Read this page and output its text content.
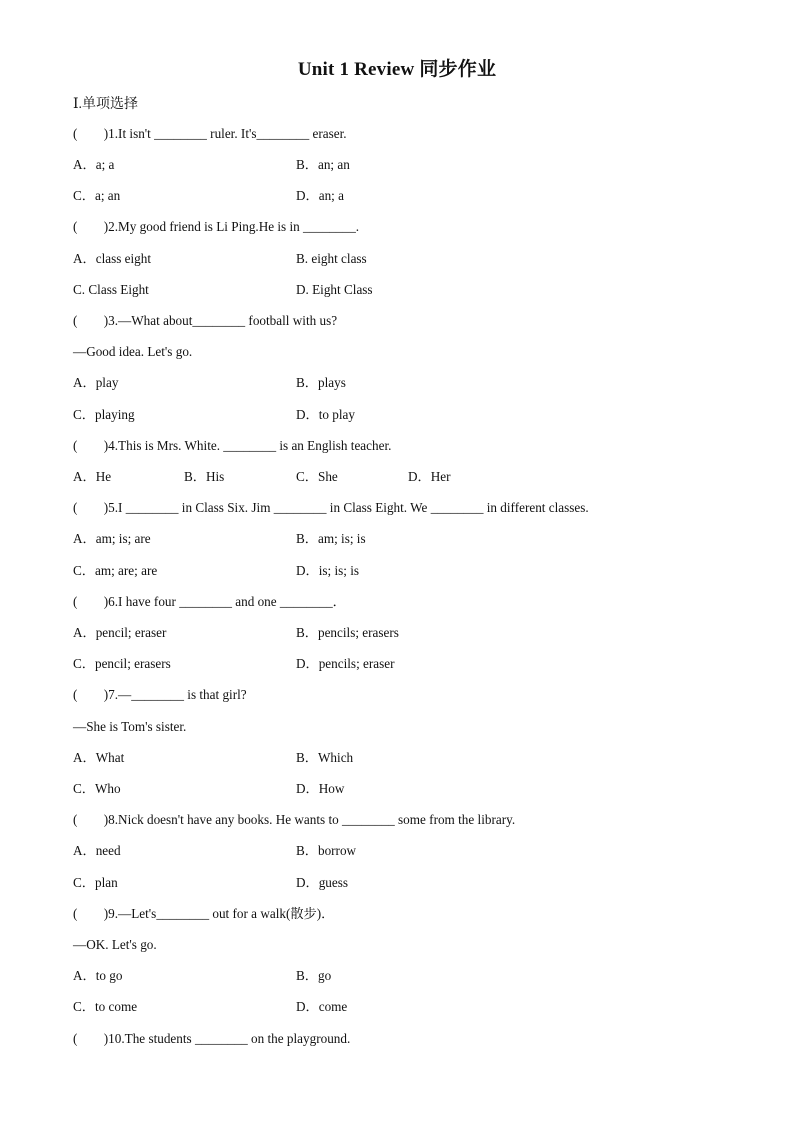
Unit 1 Review 同步作业
Ⅰ.单项选择
(　　)1.It isn't ________ ruler. It's________ eraser.
A．a; a	B．an; an
C．a; an	D．an; a
(　　)2.My good friend is Li Ping.He is in ________.
A．class eight	B. eight class
C. Class Eight	D. Eight Class
(　　)3.—What about________ football with us?
—Good idea. Let's go.
A．play	B．plays
C．playing	D．to play
(　　)4.This is Mrs. White. ________ is an English teacher.
A．He	B．His	C．She	D．Her
(　　)5.I ________ in Class Six. Jim ________ in Class Eight. We ________ in different classes.
A．am; is; are	B．am; is; is
C．am; are; are	D．is; is; is
(　　)6.I have four ________ and one ________．
A．pencil; eraser	B．pencils; erasers
C．pencil; erasers	D．pencils; eraser
(　　)7.—________ is that girl?
—She is Tom's sister.
A．What	B．Which
C．Who	D．How
(　　)8.Nick doesn't have any books. He wants to ________ some from the library.
A．need	B．borrow
C．plan	D．guess
(　　)9.—Let's________ out for a walk(散步)．
—OK. Let's go.
A．to go	B．go
C．to come	D．come
(　　)10.The students ________ on the playground.
